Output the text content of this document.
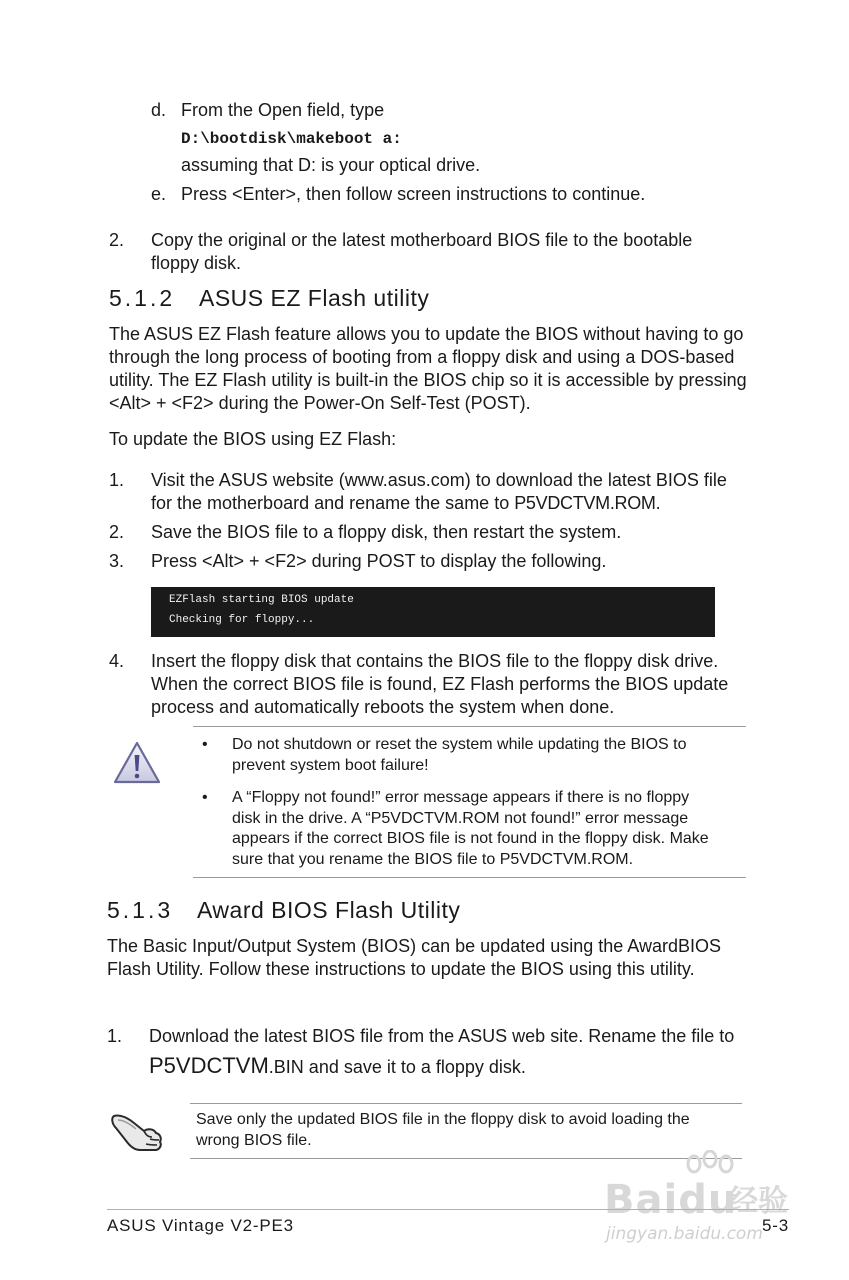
d. From the Open field, type
D:\bootdisk\makeboot a:
assuming that D: is your optical drive.
e. Press <Enter>, then follow screen instructions to continue.
2.	Copy the original or the latest motherboard BIOS file to the bootable floppy disk.
5.1.2 ASUS EZ Flash utility
The ASUS EZ Flash feature allows you to update the BIOS without having to go through the long process of booting from a floppy disk and using a DOS-based utility. The EZ Flash utility is built-in the BIOS chip so it is accessible by pressing <Alt> + <F2> during the Power-On Self-Test (POST).
To update the BIOS using EZ Flash:
1.	Visit the ASUS website (www.asus.com) to download the latest BIOS file for the motherboard and rename the same to P5VDCTVM.ROM.
2.	Save the BIOS file to a floppy disk, then restart the system.
3.	Press <Alt> + <F2> during POST to display the following.
EZFlash starting BIOS update
Checking for floppy...
4.	Insert the floppy disk that contains the BIOS file to the floppy disk drive. When the correct BIOS file is found, EZ Flash performs the BIOS update process and automatically reboots the system when done.
•	Do not shutdown or reset the system while updating the BIOS to prevent system boot failure!
•	A “Floppy not found!” error message appears if there is no floppy disk in the drive. A “P5VDCTVM.ROM not found!” error message appears if the correct BIOS file is not found in the floppy disk. Make sure that you rename the BIOS file to P5VDCTVM.ROM.
5.1.3 Award BIOS Flash Utility
The Basic Input/Output System (BIOS) can be updated using the AwardBIOS Flash Utility. Follow these instructions to update the BIOS using this utility.
1.	Download the latest BIOS file from the ASUS web site. Rename the file to P5VDCTVM.BIN and save it to a floppy disk.
Save only the updated BIOS file in the floppy disk to avoid loading the wrong BIOS file.
Baidu
经验
jingyan.baidu.com
ASUS Vintage V2-PE3	5-3
